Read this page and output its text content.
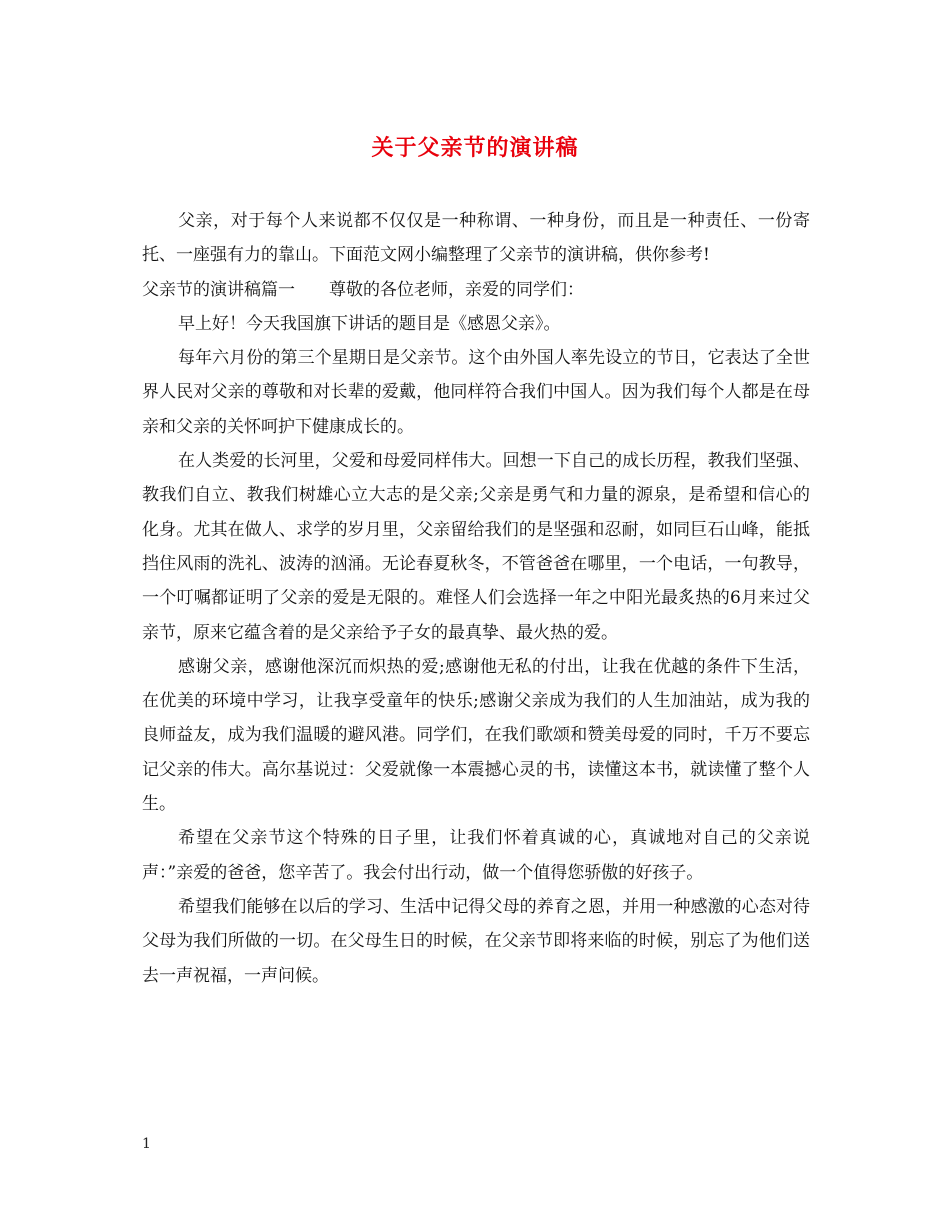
关于父亲节的演讲稿

父亲，对于每个人来说都不仅仅是一种称谓、一种身份，而且是一种责任、一份寄托、一座强有力的靠山。下面范文网小编整理了父亲节的演讲稿，供你参考!

父亲节的演讲稿篇一 尊敬的各位老师，亲爱的同学们：

早上好！今天我国旗下讲话的题目是《感恩父亲》。

每年六月份的第三个星期日是父亲节。这个由外国人率先设立的节日，它表达了全世界人民对父亲的尊敬和对长辈的爱戴，他同样符合我们中国人。因为我们每个人都是在母亲和父亲的关怀呵护下健康成长的。

在人类爱的长河里，父爱和母爱同样伟大。回想一下自己的成长历程，教我们坚强、教我们自立、教我们树雄心立大志的是父亲;父亲是勇气和力量的源泉，是希望和信心的化身。尤其在做人、求学的岁月里，父亲留给我们的是坚强和忍耐，如同巨石山峰，能抵挡住风雨的洗礼、波涛的汹涌。无论春夏秋冬，不管爸爸在哪里，一个电话，一句教导，一个叮嘱都证明了父亲的爱是无限的。难怪人们会选择一年之中阳光最炙热的6月来过父亲节，原来它蕴含着的是父亲给予子女的最真挚、最火热的爱。

感谢父亲，感谢他深沉而炽热的爱;感谢他无私的付出，让我在优越的条件下生活，在优美的环境中学习，让我享受童年的快乐;感谢父亲成为我们的人生加油站，成为我的良师益友，成为我们温暖的避风港。同学们，在我们歌颂和赞美母爱的同时，千万不要忘记父亲的伟大。高尔基说过：父爱就像一本震撼心灵的书，读懂这本书，就读懂了整个人生。

希望在父亲节这个特殊的日子里，让我们怀着真诚的心，真诚地对自己的父亲说声：”亲爱的爸爸，您辛苦了。我会付出行动，做一个值得您骄傲的好孩子。

希望我们能够在以后的学习、生活中记得父母的养育之恩，并用一种感激的心态对待父母为我们所做的一切。在父母生日的时候，在父亲节即将来临的时候，别忘了为他们送去一声祝福，一声问候。

1
